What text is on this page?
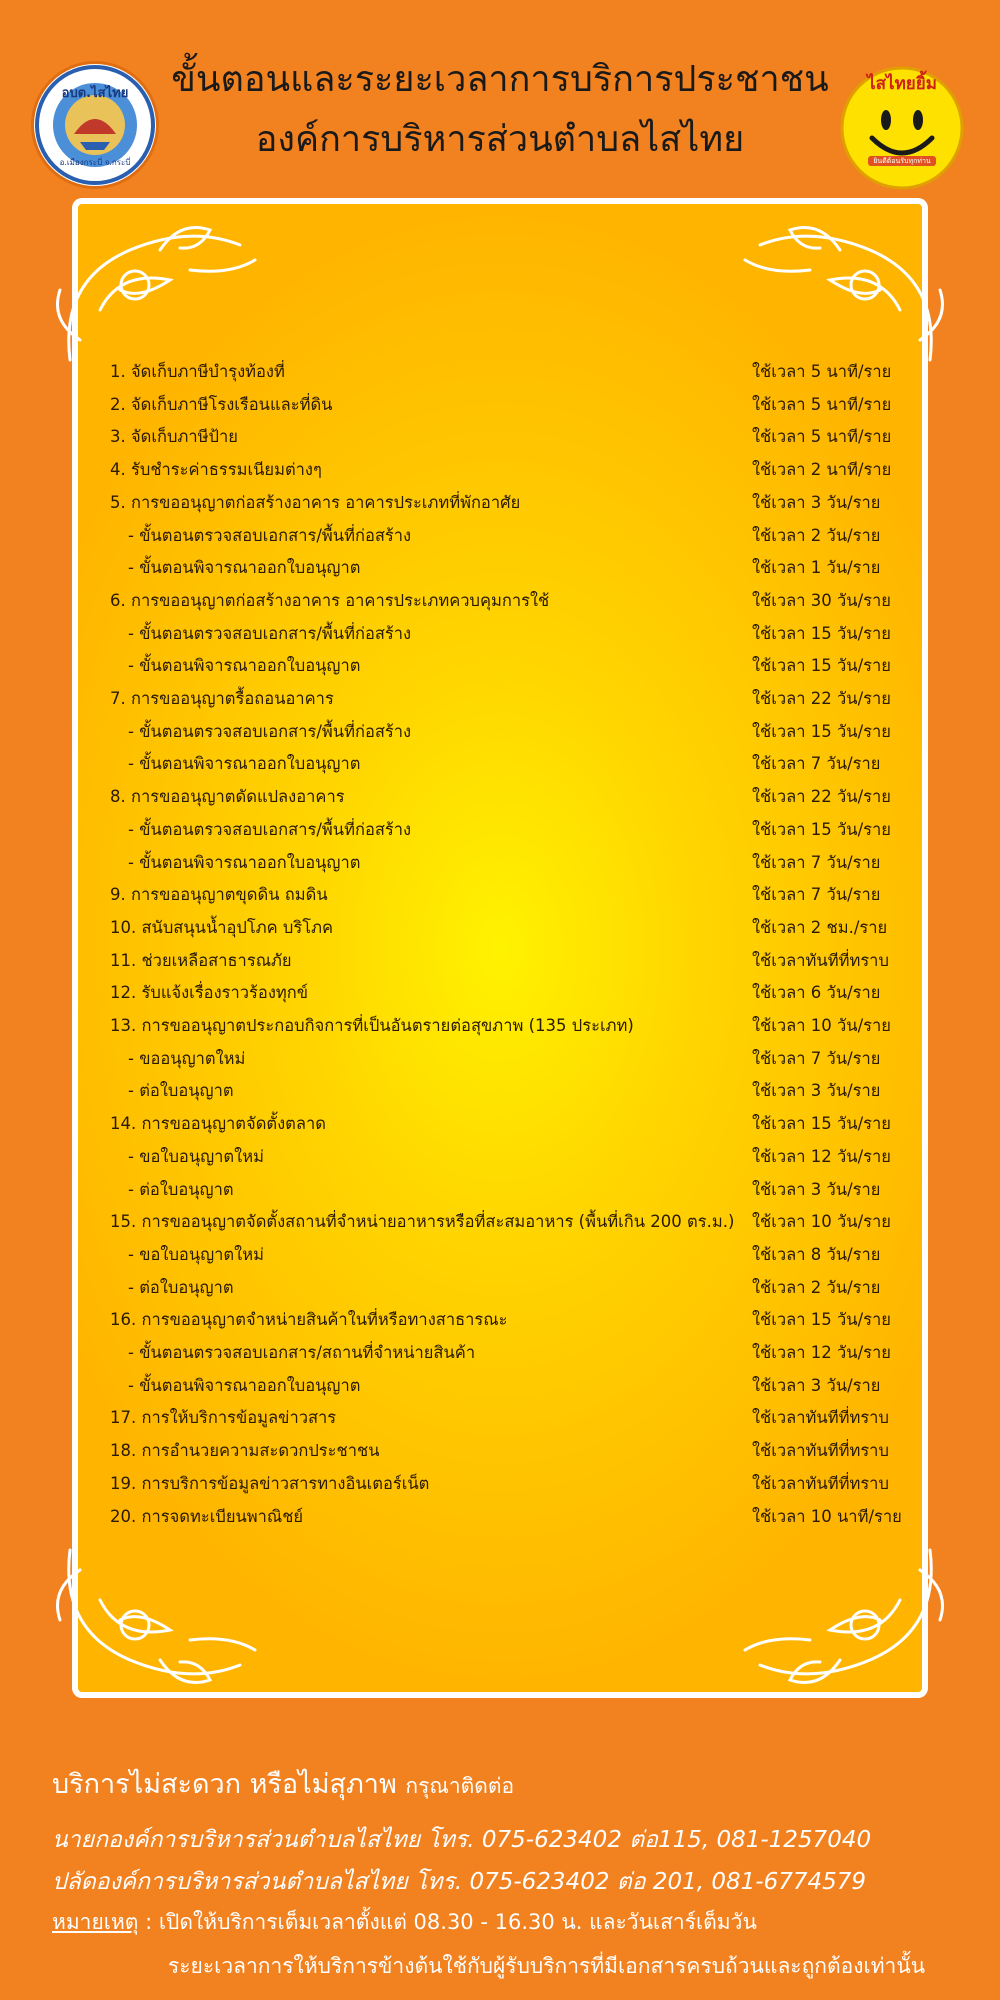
อบต.ไสไทย
อ.เมืองกระบี่ จ.กระบี่
ขั้นตอนและระยะเวลาการบริการประชาชน
องค์การบริหารส่วนตำบลไสไทย
ไสไทยยิ้ม
ยินดีต้อนรับทุกท่าน
1. จัดเก็บภาษีบำรุงท้องที่	ใช้เวลา 5 นาที/ราย
2. จัดเก็บภาษีโรงเรือนและที่ดิน	ใช้เวลา 5 นาที/ราย
3. จัดเก็บภาษีป้าย	ใช้เวลา 5 นาที/ราย
4. รับชำระค่าธรรมเนียมต่างๆ	ใช้เวลา 2 นาที/ราย
5. การขออนุญาตก่อสร้างอาคาร อาคารประเภทที่พักอาศัย	ใช้เวลา 3 วัน/ราย
- ขั้นตอนตรวจสอบเอกสาร/พื้นที่ก่อสร้าง	ใช้เวลา 2 วัน/ราย
- ขั้นตอนพิจารณาออกใบอนุญาต	ใช้เวลา 1 วัน/ราย
6. การขออนุญาตก่อสร้างอาคาร อาคารประเภทควบคุมการใช้	ใช้เวลา 30 วัน/ราย
- ขั้นตอนตรวจสอบเอกสาร/พื้นที่ก่อสร้าง	ใช้เวลา 15 วัน/ราย
- ขั้นตอนพิจารณาออกใบอนุญาต	ใช้เวลา 15 วัน/ราย
7. การขออนุญาตรื้อถอนอาคาร	ใช้เวลา 22 วัน/ราย
- ขั้นตอนตรวจสอบเอกสาร/พื้นที่ก่อสร้าง	ใช้เวลา 15 วัน/ราย
- ขั้นตอนพิจารณาออกใบอนุญาต	ใช้เวลา 7 วัน/ราย
8. การขออนุญาตดัดแปลงอาคาร	ใช้เวลา 22 วัน/ราย
- ขั้นตอนตรวจสอบเอกสาร/พื้นที่ก่อสร้าง	ใช้เวลา 15 วัน/ราย
- ขั้นตอนพิจารณาออกใบอนุญาต	ใช้เวลา 7 วัน/ราย
9. การขออนุญาตขุดดิน ถมดิน	ใช้เวลา 7 วัน/ราย
10. สนับสนุนน้ำอุปโภค บริโภค	ใช้เวลา 2 ชม./ราย
11. ช่วยเหลือสาธารณภัย	ใช้เวลาทันทีที่ทราบ
12. รับแจ้งเรื่องราวร้องทุกข์	ใช้เวลา 6 วัน/ราย
13. การขออนุญาตประกอบกิจการที่เป็นอันตรายต่อสุขภาพ (135 ประเภท)	ใช้เวลา 10 วัน/ราย
- ขออนุญาตใหม่	ใช้เวลา 7 วัน/ราย
- ต่อใบอนุญาต	ใช้เวลา 3 วัน/ราย
14. การขออนุญาตจัดตั้งตลาด	ใช้เวลา 15 วัน/ราย
- ขอใบอนุญาตใหม่	ใช้เวลา 12 วัน/ราย
- ต่อใบอนุญาต	ใช้เวลา 3 วัน/ราย
15. การขออนุญาตจัดตั้งสถานที่จำหน่ายอาหารหรือที่สะสมอาหาร (พื้นที่เกิน 200 ตร.ม.) ใช้เวลา 10 วัน/ราย
- ขอใบอนุญาตใหม่	ใช้เวลา 8 วัน/ราย
- ต่อใบอนุญาต	ใช้เวลา 2 วัน/ราย
16. การขออนุญาตจำหน่ายสินค้าในที่หรือทางสาธารณะ	ใช้เวลา 15 วัน/ราย
- ขั้นตอนตรวจสอบเอกสาร/สถานที่จำหน่ายสินค้า	ใช้เวลา 12 วัน/ราย
- ขั้นตอนพิจารณาออกใบอนุญาต	ใช้เวลา 3 วัน/ราย
17. การให้บริการข้อมูลข่าวสาร	ใช้เวลาทันทีที่ทราบ
18. การอำนวยความสะดวกประชาชน	ใช้เวลาทันทีที่ทราบ
19. การบริการข้อมูลข่าวสารทางอินเตอร์เน็ต	ใช้เวลาทันทีที่ทราบ
20. การจดทะเบียนพาณิชย์	ใช้เวลา 10 นาที/ราย
บริการไม่สะดวก หรือไม่สุภาพ กรุณาติดต่อ
นายกองค์การบริหารส่วนตำบลไสไทย โทร. 075-623402 ต่อ115, 081-1257040
ปลัดองค์การบริหารส่วนตำบลไสไทย โทร. 075-623402 ต่อ 201, 081-6774579
หมายเหตุ : เปิดให้บริการเต็มเวลาตั้งแต่ 08.30 - 16.30 น. และวันเสาร์เต็มวัน
ระยะเวลาการให้บริการข้างต้นใช้กับผู้รับบริการที่มีเอกสารครบถ้วนและถูกต้องเท่านั้น
